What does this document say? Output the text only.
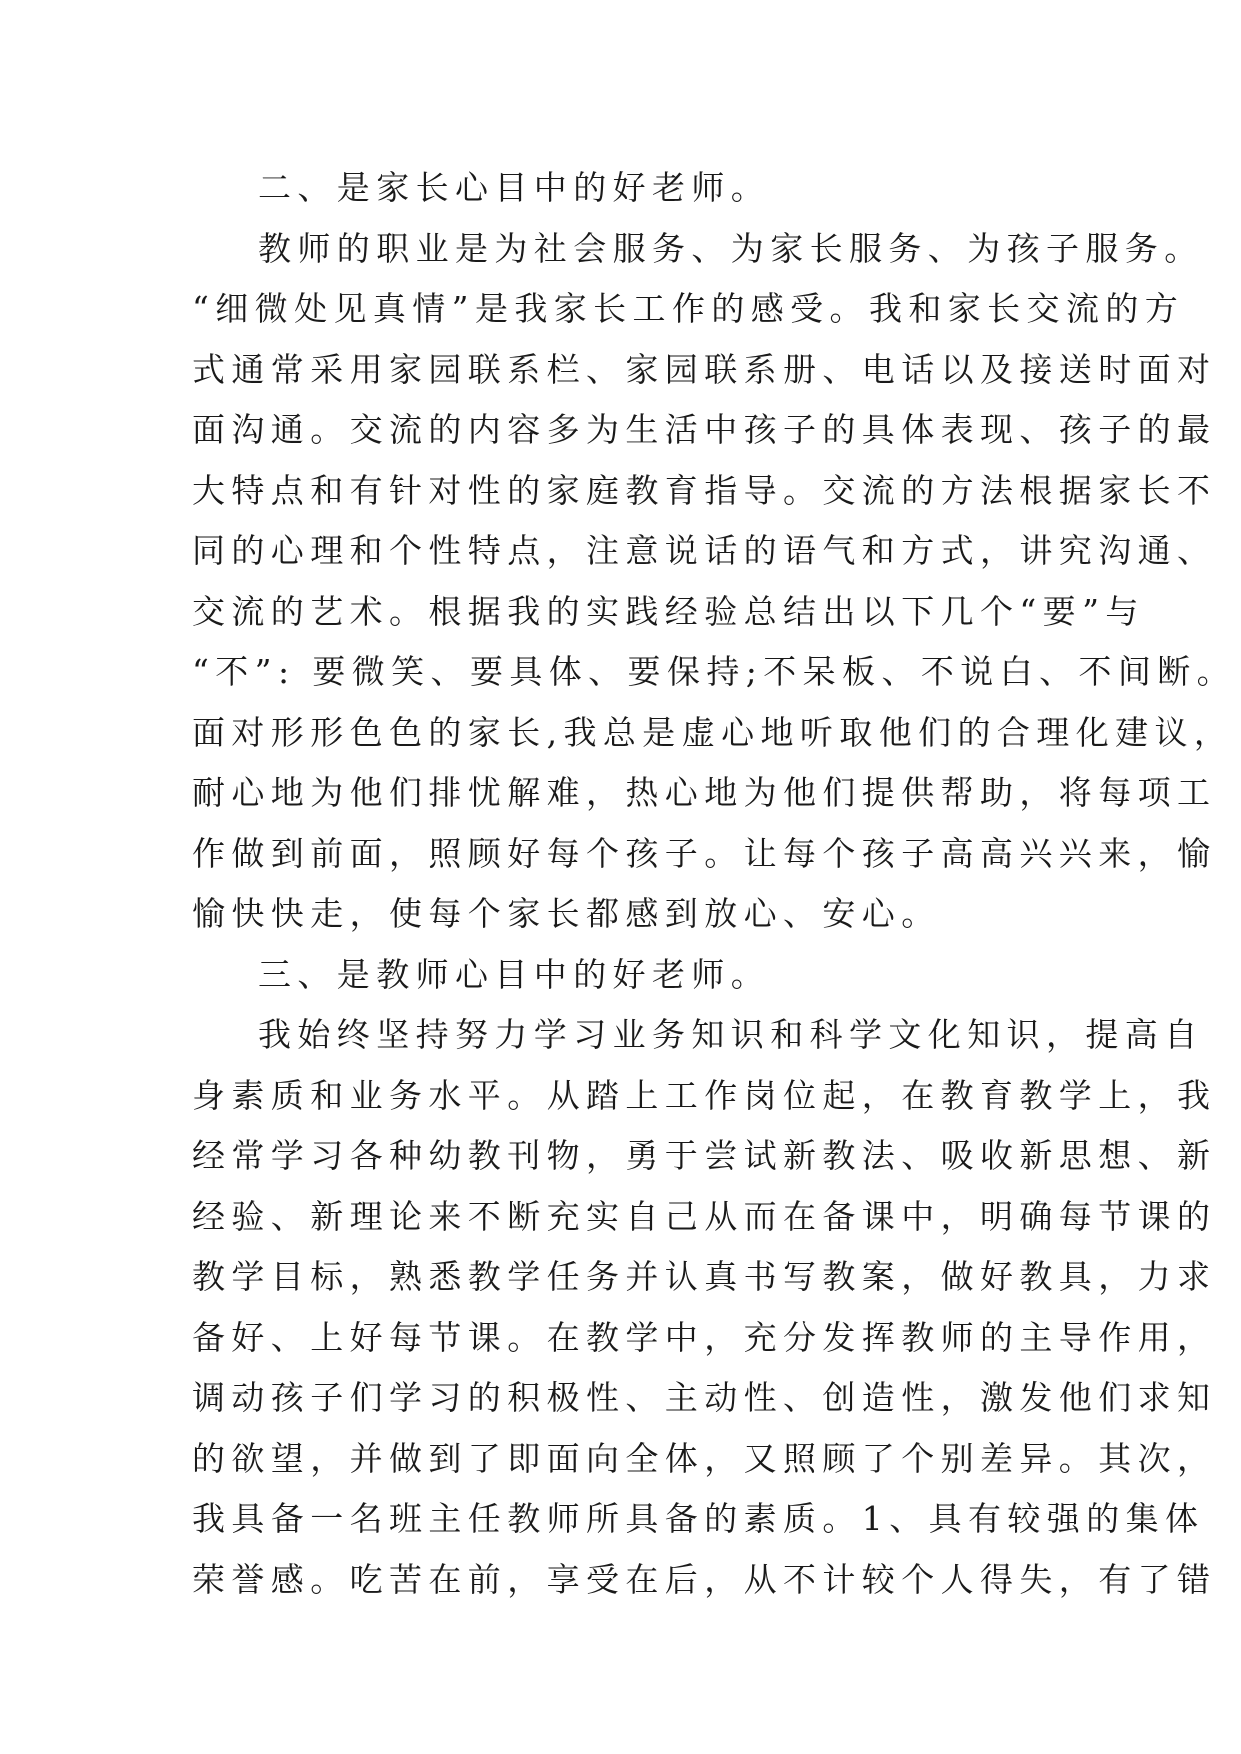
二、是家长心目中的好老师。
教师的职业是为社会服务、为家长服务、为孩子服务。
“细微处见真情”是我家长工作的感受。我和家长交流的方
式通常采用家园联系栏、家园联系册、电话以及接送时面对
面沟通。交流的内容多为生活中孩子的具体表现、孩子的最
大特点和有针对性的家庭教育指导。交流的方法根据家长不
同的心理和个性特点，注意说话的语气和方式，讲究沟通、
交流的艺术。根据我的实践经验总结出以下几个“要”与
“不”: 要微笑、要具体、要保持;不呆板、不说白、不间断。
面对形形色色的家长,我总是虚心地听取他们的合理化建议，
耐心地为他们排忧解难，热心地为他们提供帮助，将每项工
作做到前面，照顾好每个孩子。让每个孩子高高兴兴来，愉
愉快快走，使每个家长都感到放心、安心。
三、是教师心目中的好老师。
我始终坚持努力学习业务知识和科学文化知识，提高自
身素质和业务水平。从踏上工作岗位起，在教育教学上，我
经常学习各种幼教刊物，勇于尝试新教法、吸收新思想、新
经验、新理论来不断充实自己从而在备课中，明确每节课的
教学目标，熟悉教学任务并认真书写教案，做好教具，力求
备好、上好每节课。在教学中，充分发挥教师的主导作用，
调动孩子们学习的积极性、主动性、创造性，激发他们求知
的欲望，并做到了即面向全体，又照顾了个别差异。其次，
我具备一名班主任教师所具备的素质。1、具有较强的集体
荣誉感。吃苦在前，享受在后，从不计较个人得失，有了错
